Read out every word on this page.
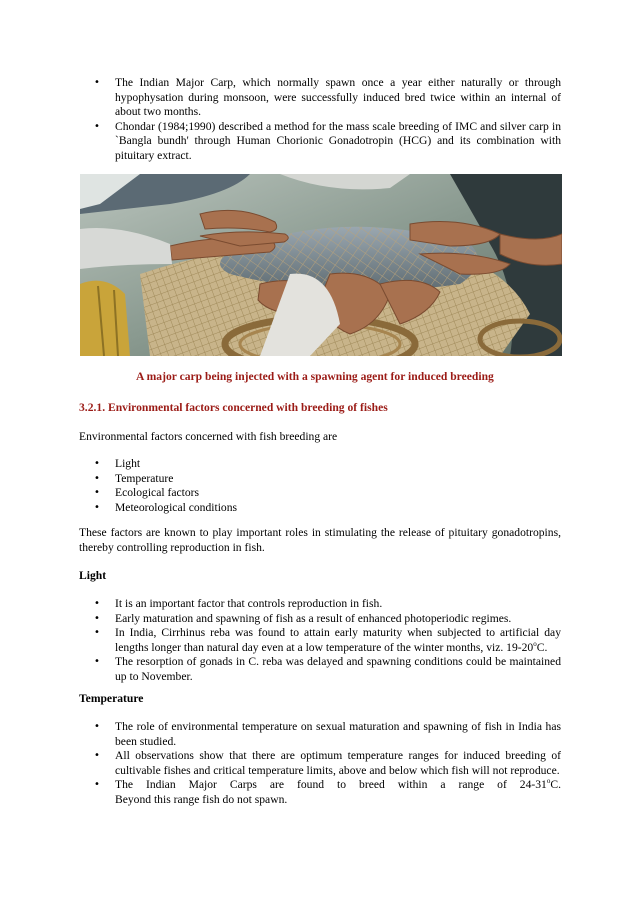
• The Indian Major Carp, which normally spawn once a year either naturally or through hypophysation during monsoon, were successfully induced bred twice within an internal of about two months.
• Chondar (1984;1990) described a method for the mass scale breeding of IMC and silver carp in `Bangla bundh' through Human Chorionic Gonadotropin (HCG) and its combination with pituitary extract.
A major carp being injected with a spawning agent for induced breeding
3.2.1. Environmental factors concerned with breeding of fishes
Environmental factors concerned with fish breeding are
• Light
• Temperature
• Ecological factors
• Meteorological conditions
These factors are known to play important roles in stimulating the release of pituitary gonadotropins, thereby controlling reproduction in fish.
Light
• It is an important factor that controls reproduction in fish.
• Early maturation and spawning of fish as a result of enhanced photoperiodic regimes.
• In India, Cirrhinus reba was found to attain early maturity when subjected to artificial day lengths longer than natural day even at a low temperature of the winter months, viz. 19-20$^o$C.
• The resorption of gonads in C. reba was delayed and spawning conditions could be maintained up to November.
Temperature
• The role of environmental temperature on sexual maturation and spawning of fish in India has been studied.
• All observations show that there are optimum temperature ranges for induced breeding of cultivable fishes and critical temperature limits, above and below which fish will not reproduce.
• The Indian Major Carps are found to breed within a range of 24-31$^o$C.
Beyond this range fish do not spawn.
